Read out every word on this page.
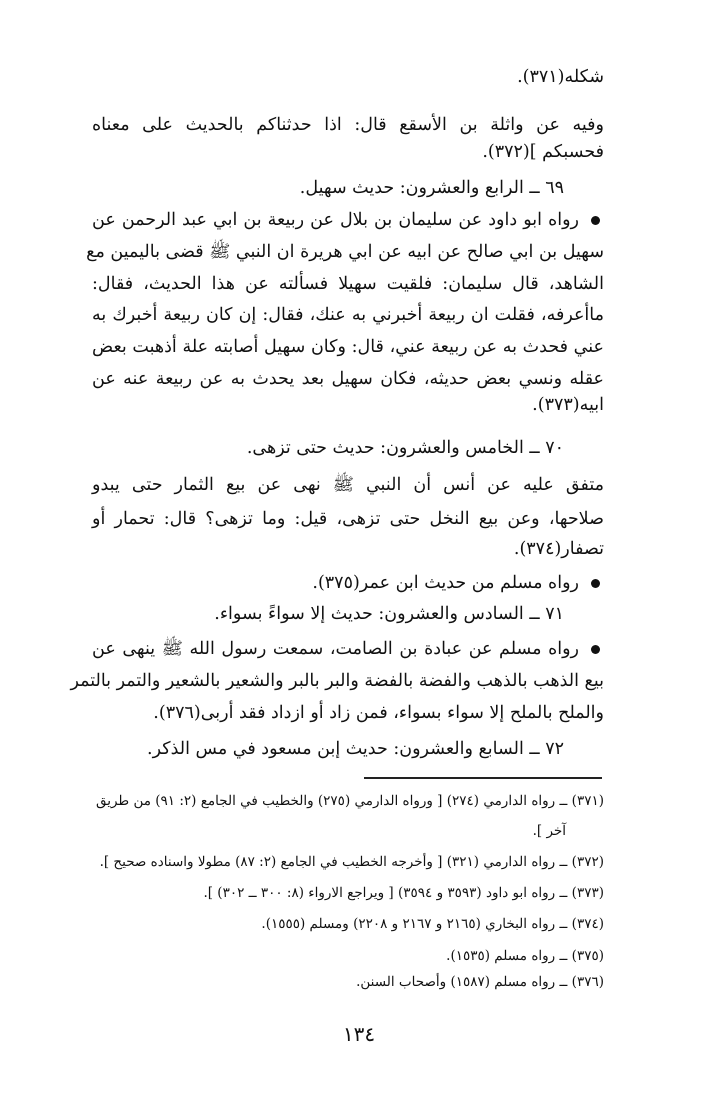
شكله(٣٧١).
وفيه عن واثلة بن الأسقع قال: اذا حدثناكم بالحديث على معناه
فحسبكم ](٣٧٢).
٦٩ ــ الرابع والعشرون: حديث سهيل.
رواه ابو داود عن سليمان بن بلال عن ربيعة بن ابي عبد الرحمن عن
سهيل بن ابي صالح عن ابيه عن ابي هريرة ان النبي ﷺ قضى باليمين مع
الشاهد، قال سليمان: فلقيت سهيلا فسألته عن هذا الحديث، فقال:
ماأعرفه، فقلت ان ربيعة أخبرني به عنك، فقال: إن كان ربيعة أخبرك به
عني فحدث به عن ربيعة عني، قال: وكان سهيل أصابته علة أذهبت بعض
عقله ونسي بعض حديثه، فكان سهيل بعد يحدث به عن ربيعة عنه عن
ابيه(٣٧٣).
٧٠ ــ الخامس والعشرون: حديث حتى تزهى.
متفق عليه عن أنس أن النبي ﷺ نهى عن بيع الثمار حتى يبدو
صلاحها، وعن بيع النخل حتى تزهى، قيل: وما تزهى؟ قال: تحمار أو
تصفار(٣٧٤).
رواه مسلم من حديث ابن عمر(٣٧٥).
٧١ ــ السادس والعشرون: حديث إلا سواءً بسواء.
رواه مسلم عن عبادة بن الصامت، سمعت رسول الله ﷺ ينهى عن
بيع الذهب بالذهب والفضة بالفضة والبر بالبر والشعير بالشعير والتمر بالتمر
والملح بالملح إلا سواء بسواء، فمن زاد أو ازداد فقد أربى(٣٧٦).
٧٢ ــ السابع والعشرون: حديث إبن مسعود في مس الذكر.
(٣٧١) ــ رواه الدارمي (٢٧٤) [ ورواه الدارمي (٢٧٥) والخطيب في الجامع (٢: ٩١) من طريق
آخر ].
(٣٧٢) ــ رواه الدارمي (٣٢١) [ وأخرجه الخطيب في الجامع (٢: ٨٧) مطولا واسناده صحيح ].
(٣٧٣) ــ رواه ابو داود (٣٥٩٣ و ٣٥٩٤) [ ويراجع الارواء (٨: ٣٠٠ ــ ٣٠٢) ].
(٣٧٤) ــ رواه البخاري (٢١٦٥ و ٢١٦٧ و ٢٢٠٨) ومسلم (١٥٥٥).
(٣٧٥) ــ رواه مسلم (١٥٣٥).
(٣٧٦) ــ رواه مسلم (١٥٨٧) وأصحاب السنن.
١٣٤
